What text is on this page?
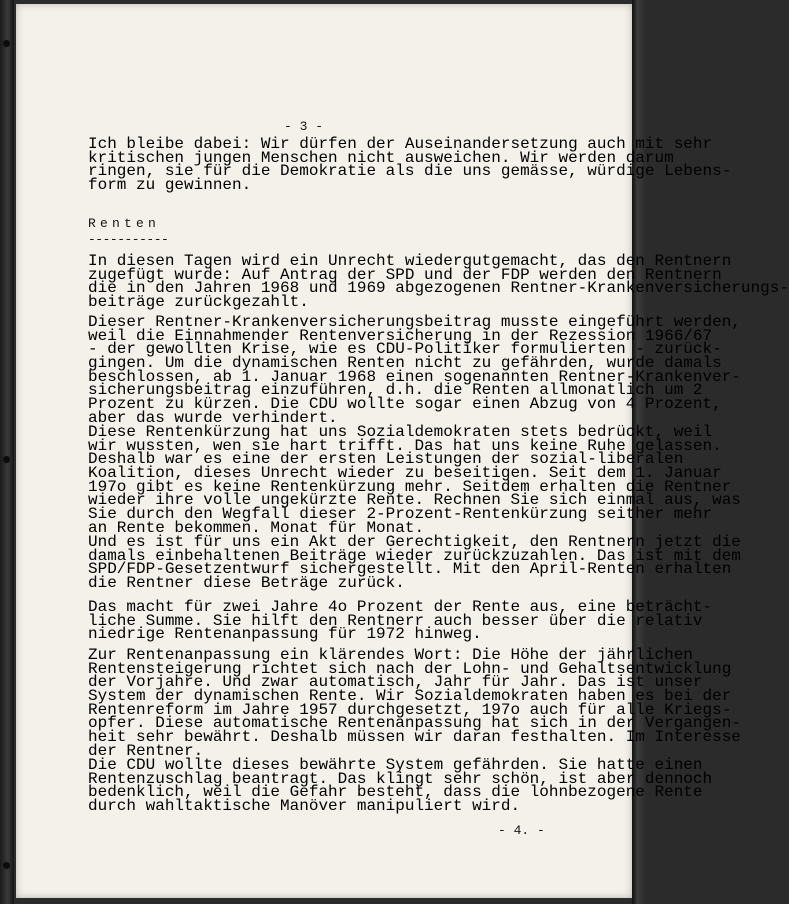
- 3 -
Ich bleibe dabei: Wir dürfen der Auseinandersetzung auch mit sehr
kritischen jungen Menschen nicht ausweichen. Wir werden darum
ringen, sie für die Demokratie als die uns gemässe, würdige Lebens-
form zu gewinnen.
Renten
-----------
In diesen Tagen wird ein Unrecht wiedergutgemacht, das den Rentnern
zugefügt wurde: Auf Antrag der SPD und der FDP werden den Rentnern
die in den Jahren 1968 und 1969 abgezogenen Rentner-Krankenversicherungs-
beiträge zurückgezahlt.
Dieser Rentner-Krankenversicherungsbeitrag musste eingeführt werden,
weil die Einnahmender Rentenversicherung in der Rezession 1966/67
- der gewollten Krise, wie es CDU-Politiker formulierten - zurück-
gingen. Um die dynamischen Renten nicht zu gefährden, wurde damals
beschlossen, ab 1. Januar 1968 einen sogenannten Rentner-Krankenver-
sicherungsbeitrag einzuführen, d.h. die Renten allmonatlich um 2
Prozent zu kürzen. Die CDU wollte sogar einen Abzug von 4 Prozent,
aber das wurde verhindert.
Diese Rentenkürzung hat uns Sozialdemokraten stets bedrückt, weil
wir wussten, wen sie hart trifft. Das hat uns keine Ruhe gelassen.
Deshalb war es eine der ersten Leistungen der sozial-liberalen
Koalition, dieses Unrecht wieder zu beseitigen. Seit dem 1. Januar
197o gibt es keine Rentenkürzung mehr. Seitdem erhalten die Rentner
wieder ihre volle ungekürzte Rente. Rechnen Sie sich einmal aus, was
Sie durch den Wegfall dieser 2-Prozent-Rentenkürzung seither mehr
an Rente bekommen. Monat für Monat.
Und es ist für uns ein Akt der Gerechtigkeit, den Rentnern jetzt die
damals einbehaltenen Beiträge wieder zurückzuzahlen. Das ist mit dem
SPD/FDP-Gesetzentwurf sichergestellt. Mit den April-Renten erhalten
die Rentner diese Beträge zurück.
Das macht für zwei Jahre 4o Prozent der Rente aus, eine beträcht-
liche Summe. Sie hilft den Rentnerr auch besser über die relativ
niedrige Rentenanpassung für 1972 hinweg.
Zur Rentenanpassung ein klärendes Wort: Die Höhe der jährlichen
Rentensteigerung richtet sich nach der Lohn- und Gehaltsentwicklung
der Vorjahre. Und zwar automatisch, Jahr für Jahr. Das ist unser
System der dynamischen Rente. Wir Sozialdemokraten haben es bei der
Rentenreform im Jahre 1957 durchgesetzt, 197o auch für alle Kriegs-
opfer. Diese automatische Rentenanpassung hat sich in der Vergangen-
heit sehr bewährt. Deshalb müssen wir daran festhalten. Im Interesse
der Rentner.
Die CDU wollte dieses bewährte System gefährden. Sie hatte einen
Rentenzuschlag beantragt. Das klingt sehr schön, ist aber dennoch
bedenklich, weil die Gefahr besteht, dass die lohnbezogene Rente
durch wahltaktische Manöver manipuliert wird.
- 4. -
